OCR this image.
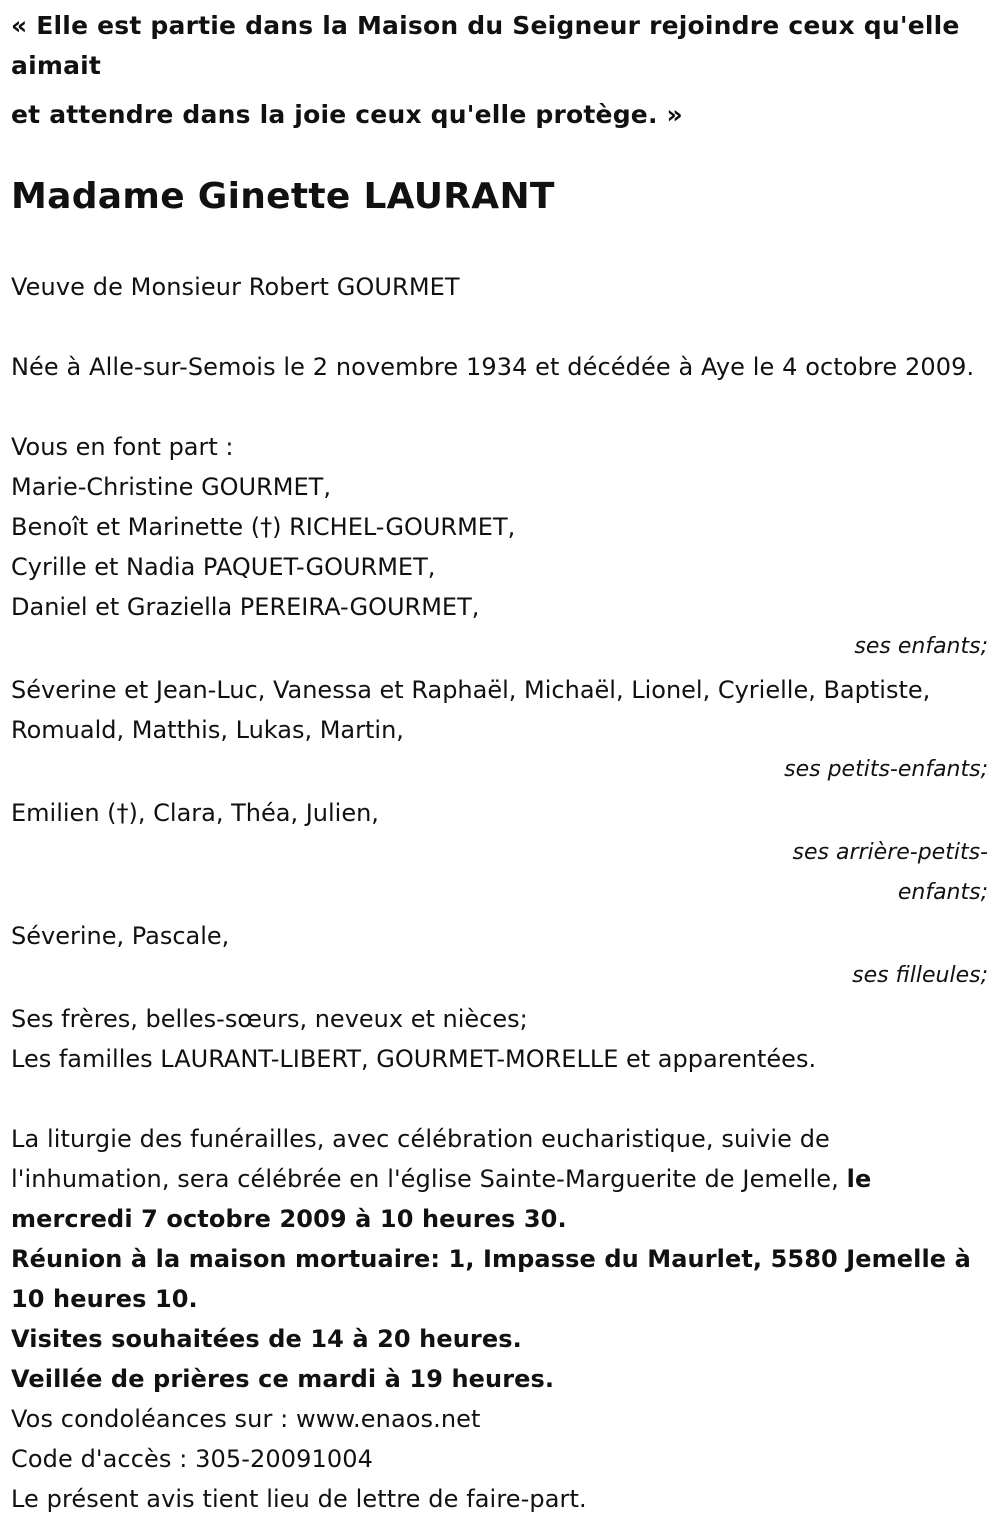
« Elle est partie dans la Maison du Seigneur rejoindre ceux qu'elle aimait

et attendre dans la joie ceux qu'elle protège. »

Madame Ginette LAURANT

Veuve de Monsieur Robert GOURMET

Née à Alle-sur-Semois le 2 novembre 1934 et décédée à Aye le 4 octobre 2009.

Vous en font part :

Marie-Christine GOURMET,

Benoît et Marinette (†) RICHEL-GOURMET,

Cyrille et Nadia PAQUET-GOURMET,

Daniel et Graziella PEREIRA-GOURMET,

ses enfants;

Séverine et Jean-Luc, Vanessa et Raphaël, Michaël, Lionel, Cyrielle, Baptiste, Romuald, Matthis, Lukas, Martin,

ses petits-enfants;

Emilien (†), Clara, Théa, Julien,

ses arrière-petits-enfants;

Séverine, Pascale,

ses filleules;

Ses frères, belles-sœurs, neveux et nièces;

Les familles LAURANT-LIBERT, GOURMET-MORELLE et apparentées.

La liturgie des funérailles, avec célébration eucharistique, suivie de l'inhumation, sera célébrée en l'église Sainte-Marguerite de Jemelle, le mercredi 7 octobre 2009 à 10 heures 30.

Réunion à la maison mortuaire: 1, Impasse du Maurlet, 5580 Jemelle à 10 heures 10.

Visites souhaitées de 14 à 20 heures.

Veillée de prières ce mardi à 19 heures.

Vos condoléances sur : www.enaos.net

Code d'accès : 305-20091004

Le présent avis tient lieu de lettre de faire-part.
